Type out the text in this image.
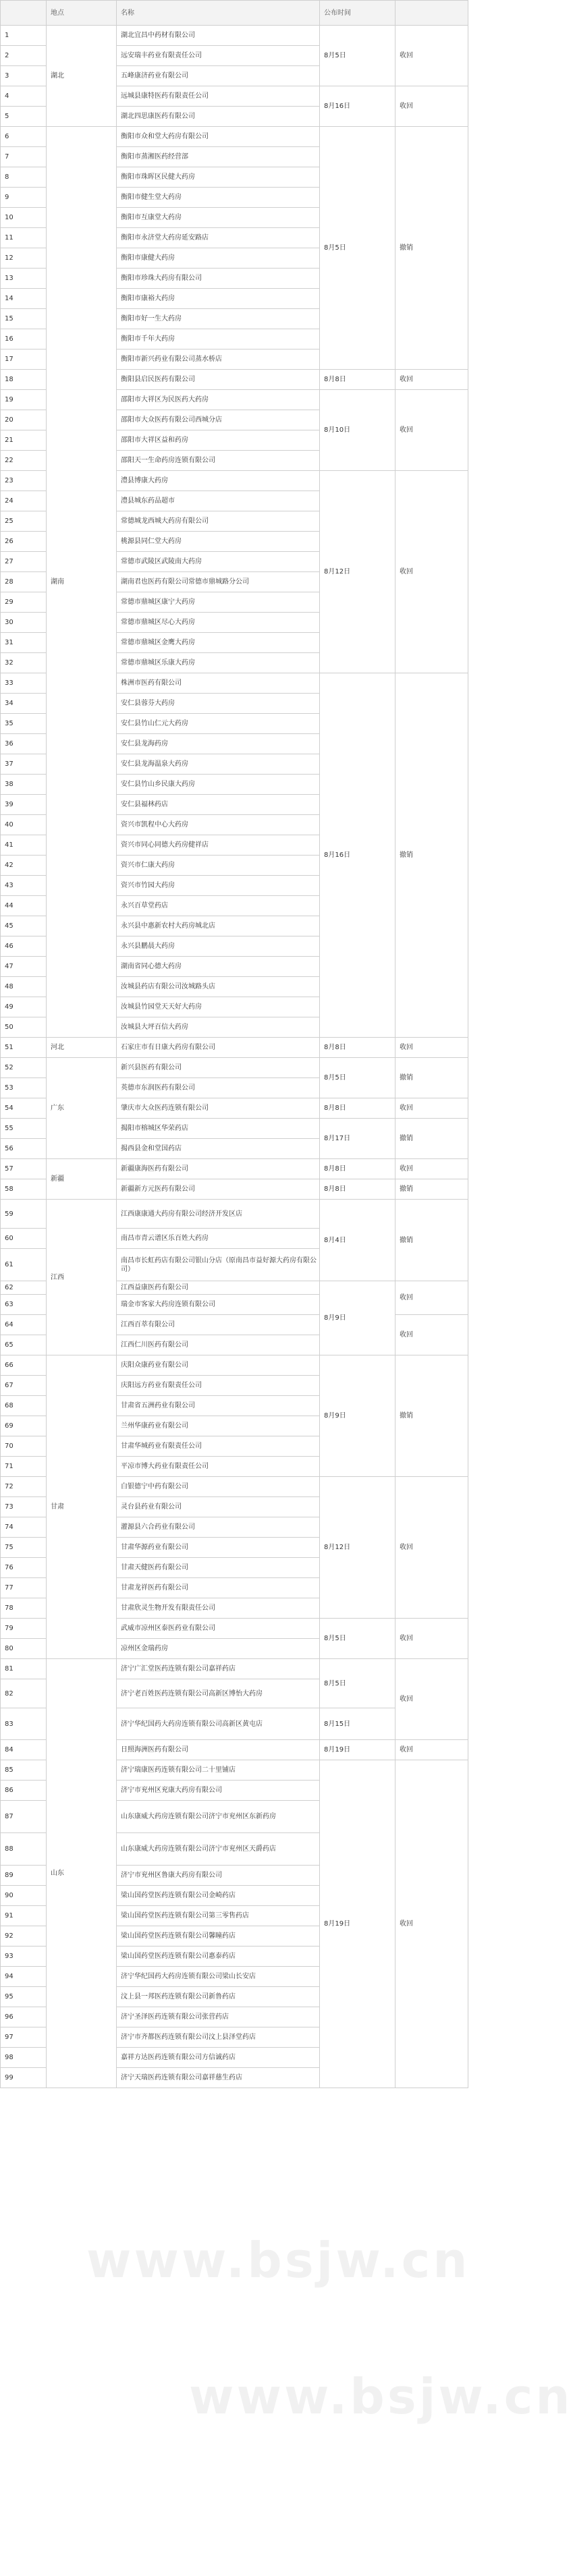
	地点	名称	公布时间	
1	湖北	湖北宜昌中药材有限公司	8月5日	收回
2		远安瑞丰药业有限责任公司		
3		五峰康济药业有限公司		
4		远城县康特医药有限责任公司	8月16日	收回
5		湖北四思康医药有限公司		
6	湖南	衡阳市众和堂大药房有限公司	8月5日	撤销
7		衡阳市蒸湘医药经营部		
8		衡阳市珠晖区民健大药房		
9		衡阳市健生堂大药房		
10		衡阳市互康堂大药房		
11		衡阳市永济堂大药房延安路店		
12		衡阳市康健大药房		
13		衡阳市珍珠大药房有限公司		
14		衡阳市康裕大药房		
15		衡阳市好一生大药房		
16		衡阳市千年大药房		
17		衡阳市新兴药业有限公司蒸水桥店		
18		衡阳县启民医药有限公司	8月8日	收回
19		邵阳市大祥区为民医药大药房	8月10日	收回
20		邵阳市大众医药有限公司西城分店		
21		邵阳市大祥区益和药房		
22		邵阳天一生命药房连锁有限公司		
23		澧县博康大药房	8月12日	收回
24		澧县城东药品超市		
25		常德城龙西城大药房有限公司		
26		桃源县同仁堂大药房		
27		常德市武陵区武陵南大药房		
28		湖南君也医药有限公司常德市鼎城路分公司		
29		常德市鼎城区康宁大药房		
30		常德市鼎城区尽心大药房		
31		常德市鼎城区金鹰大药房		
32		常德市鼎城区乐康大药房		
33		株洲市医药有限公司	8月16日	撤销
34		安仁县蓉芬大药房		
35		安仁县竹山仁元大药房		
36		安仁县龙海药房		
37		安仁县龙海温泉大药房		
38		安仁县竹山乡民康大药房		
39		安仁县福林药店		
40		资兴市凯程中心大药房		
41		资兴市同心同德大药房健祥店		
42		资兴市仁康大药房		
43		资兴市竹园大药房		
44		永兴百草堂药店		
45		永兴县中惠新农村大药房城北店		
46		永兴县鹏晨大药房		
47		湖南省同心德大药房		
48		汝城县药店有限公司汝城路头店		
49		汝城县竹园堂天天好大药房		
50		汝城县大坪百信大药房		
51	河北	石家庄市有日康大药房有限公司	8月8日	收回
52	广东	新兴县医药有限公司	8月5日	撤销
53		英德市东润医药有限公司		
54		肇庆市大众医药连锁有限公司	8月8日	收回
55		揭阳市榕城区华荣药店	8月17日	撤销
56		揭西县金和堂国药店		
57	新疆	新疆康海医药有限公司	8月8日	收回
58		新疆新方元医药有限公司	8月8日	撤销
59	江西	江西康康通大药房有限公司经济开发区店	8月4日	撤销
60		南昌市青云谱区乐百姓大药房		
61		南昌市长虹药店有限公司银山分店（原南昌市益好源大药房有限公司）		
62		江西益康医药有限公司	8月9日	收回
63		瑞金市客家大药房连锁有限公司		
64		江西百萃有限公司		收回
65		江西仁川医药有限公司		
66	甘肃	庆阳众康药业有限公司	8月9日	撤销
67		庆阳远方药业有限责任公司		
68		甘肃省五洲药业有限公司		
69		兰州华康药业有限公司		
70		甘肃华城药业有限责任公司		
71		平凉市博大药业有限责任公司		
72		白银德宁中药有限公司	8月12日	收回
73		灵台县药业有限公司		
74		灌源县六合药业有限公司		
75		甘肃华源药业有限公司		
76		甘肃天健医药有限公司		
77		甘肃龙祥医药有限公司		
78		甘肃欣灵生物开发有限责任公司		
79		武威市凉州区泰医药业有限公司	8月5日	收回
80		凉州区金瑞药房		
81	山东	济宁广汇堂医药连锁有限公司嘉祥药店	8月5日	收回
82		济宁老百姓医药连锁有限公司高新区博怡大药房		
83		济宁华纪国药大药房连锁有限公司高新区黄屯店	8月15日	
84		日照海洲医药有限公司	8月19日	收回
85		济宁瑞康医药连锁有限公司二十里铺店	8月19日	收回
86		济宁市兖州区兖康大药房有限公司		
87		山东康威大药房连锁有限公司济宁市兖州区东新药房		
88		山东康威大药房连锁有限公司济宁市兖州区天爵药店		
89		济宁市兖州区鲁康大药房有限公司		
90		梁山国药堂医药连锁有限公司金崎药店		
91		梁山国药堂医药连锁有限公司第三零售药店		
92		梁山国药堂医药连锁有限公司馨瞳药店		
93		梁山国药堂医药连锁有限公司惠泰药店		
94		济宁华纪国药大药房连锁有限公司梁山长安店		
95		汶上县一邦医药连锁有限公司新鲁药店		
96		济宁圣泽医药连锁有限公司张营药店		
97		济宁市齐都医药连锁有限公司汶上县泽堂药店		
98		嘉祥方达医药连锁有限公司方信诚药店		
99		济宁天瑞医药连锁有限公司嘉祥慈生药店		
www.bsjw.cn
www.bsjw.cn
